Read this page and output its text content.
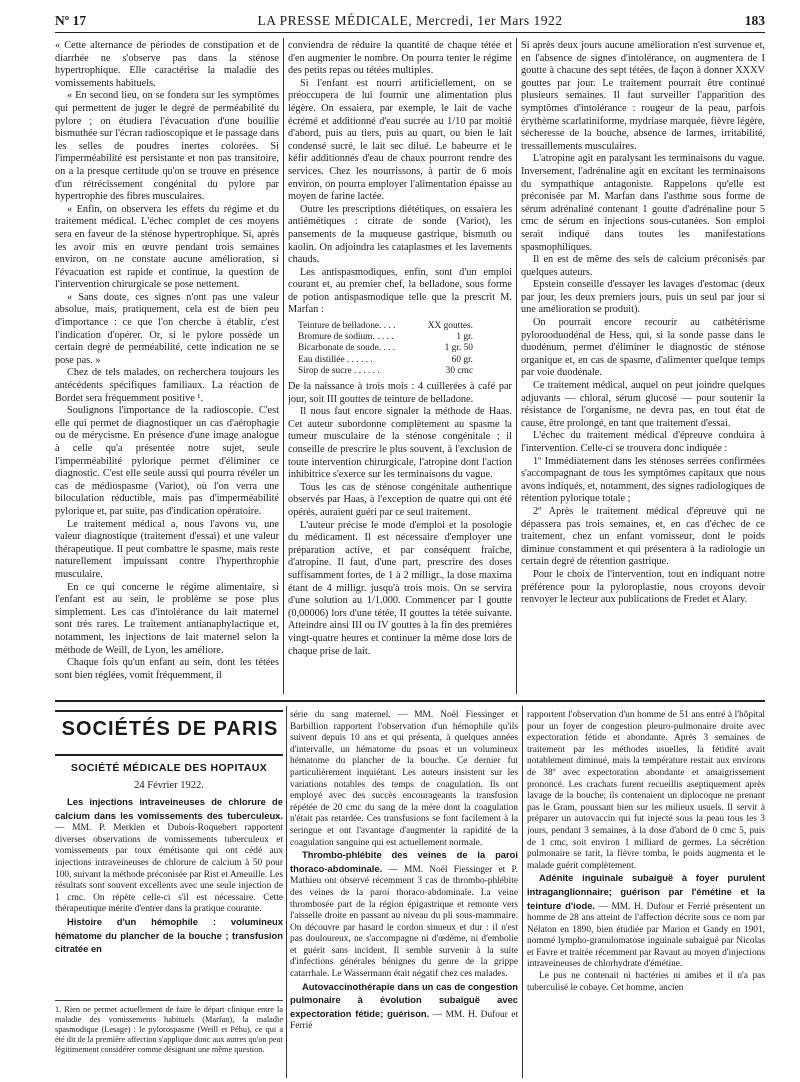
Nº 17	LA PRESSE MÉDICALE, Mercredi, 1er Mars 1922	183

« Cette alternance de périodes de constipation et de diarrhée ne s'observe pas dans la sténose hypertrophique. Elle caractérise la maladie des vomissements habituels.

« En second lieu, on se fondera sur les symptômes qui permettent de juger le degré de perméabilité du pylore ; on étudiera l'évacuation d'une bouillie bismuthée sur l'écran radioscopique et le passage dans les selles de poudres inertes colorées. Si l'imperméabilité est persistante et non pas transitoire, on a la presque certitude qu'on se trouve en présence d'un rétrécissement congénital du pylore par hypertrophie des fibres musculaires.

« Enfin, on observera les effets du régime et du traitement médical. L'échec complet de ces moyens sera en faveur de la sténose hypertrophique. Si, après les avoir mis en œuvre pendant trois semaines environ, on ne constate aucune amélioration, si l'évacuation est rapide et continue, la question de l'intervention chirurgicale se pose nettement.

« Sans doute, ces signes n'ont pas une valeur absolue, mais, pratiquement, cela est de bien peu d'importance : ce que l'on cherche à établir, c'est l'indication d'opérer. Or, si le pylore possède un certain degré de perméabilité, cette indication ne se pose pas. »

Chez de tels malades, on recherchera toujours les antécédents spécifiques familiaux. La réaction de Bordet sera fréquemment positive ¹.

Soulignons l'importance de la radioscopie. C'est elle qui permet de diagnostiquer un cas d'aérophagie ou de mérycisme. En présence d'une image analogue à celle qu'a présentée notre sujet, seule l'imperméabilité pylorique permet d'éliminer ce diagnostic. C'est elle seule aussi qui pourra révéler un cas de médiospasme (Variot), où l'on verra une biloculation réductible, mais pas d'imperméabilité pylorique et, par suite, pas d'indication opératoire.

Le traitement médical a, nous l'avons vu, une valeur diagnostique (traitement d'essai) et une valeur thérapeutique. Il peut combattre le spasme, mais reste naturellement impuissant contre l'hyperthrophie musculaire.

En ce qui concerne le régime alimentaire, si l'enfant est au sein, le problème se pose plus simplement. Les cas d'intolérance du lait maternel sont très rares. Le traitement antianaphylactique et, notamment, les injections de lait maternel selon la méthode de Weill, de Lyon, les améliore.

Chaque fois qu'un enfant au sein, dont les tétées sont bien réglées, vomit fréquemment, il

conviendra de réduire la quantité de chaque tétée et d'en augmenter le nombre. On pourra tenter le régime des petits repas ou tétées multiples.

Si l'enfant est nourri artificiellement, on se préoccupera de lui fournir une alimentation plus légère. On essaiera, par exemple, le lait de vache écrémé et additionné d'eau sucrée au 1/10 par moitié d'abord, puis au tiers, puis au quart, ou bien le lait condensé sucré, le lait sec dilué. Le babeurre et le kéfir additionnés d'eau de chaux pourront rendre des services. Chez les nourrissons, à partir de 6 mois environ, on pourra employer l'alimentation épaisse au moyen de farine lactée.

Outre les prescriptions diététiques, on essaiera les antiémétiques : citrate de sonde (Variot), les pansements de la muqueuse gastrique, bismuth ou kaolin. On adjoindra les cataplasmes et les lavements chauds.

Les antispasmodiques, enfin, sont d'un emploi courant et, au premier chef, la belladone, sous forme de potion antispasmodique telle que la prescrit M. Marfan :

Teinture de belladone. . . .	XX gouttes.
Bromure de sodium. . . . .	1 gr.
Bicarbonate de soude. . . .	1 gr. 50
Eau distillée . . . . . .	60 gr.
Sirop de sucre . . . . . .	30 cmc

De la naissance à trois mois : 4 cuillerées à café par jour, soit III gouttes de teinture de belladone.

Il nous faut encore signaler la méthode de Haas. Cet auteur subordonne complètement au spasme la tumeur musculaire de la sténose congénitale ; il conseille de prescrire le plus souvent, à l'exclusion de toute intervention chirurgicale, l'atropine dont l'action inhibitrice s'exerce sur les terminaisons du vague.

Tous les cas de sténose congénitale authentique observés par Haas, à l'exception de quatre qui ont été opérés, auraient guéri par ce seul traitement.

L'auteur précise le mode d'emploi et la posologie du médicament. Il est nécessaire d'employer une préparation active, et par conséquent fraîche, d'atropine. Il faut, d'une part, prescrire des doses suffisamment fortes, de 1 à 2 milligr., la dose maxima étant de 4 milligr. jusqu'à trois mois. On se servira d'une solution au 1/1.000. Commencer par I goutte (0,00006) lors d'une tétée, II gouttes la tétée suivante. Atteindre ainsi III ou IV gouttes à la fin des premières vingt-quatre heures et continuer la même dose lors de chaque prise de lait.

Si après deux jours aucune amélioration n'est survenue et, en l'absence de signes d'intolérance, on augmentera de I goutte à chacune des sept tétées, de façon à donner XXXV gouttes par jour. Le traitement pourrait être continué plusieurs semaines. Il faut surveiller l'apparition des symptômes d'intolérance : rougeur de la peau, parfois érythème scarlatiniforme, mydriase marquée, fièvre légère, sécheresse de la bouche, absence de larmes, irritabilité, tressaillements musculaires.

L'atropine agit en paralysant les terminaisons du vague. Inversement, l'adrénaline agit en excitant les terminaisons du sympathique antagoniste. Rappelons qu'elle est préconisée par M. Marfan dans l'asthme sous forme de sérum adrénaliné contenant 1 goutte d'adrénaline pour 5 cmc de sérum en injections sous-cutanées. Son emploi serait indiqué dans toutes les manifestations spasmophiliques.

Il en est de même des sels de calcium préconisés par quelques auteurs.

Epstein conseille d'essayer les lavages d'estomac (deux par jour, les deux premiers jours, puis un seul par jour si une amélioration se produit).

On pourrait encore recourir au cathétérisme pylorooduodénal de Hess, qui, si la sonde passe dans le duodénum, permet d'éliminer le diagnostic de sténose organique et, en cas de spasme, d'alimenter quelque temps par voie duodénale.

Ce traitement médical, auquel on peut joindre quelques adjuvants — chloral, sérum glucosé — pour soutenir la résistance de l'organisme, ne devra pas, en tout état de cause, être prolongé, en tant que traitement d'essai.

L'échec du traitement médical d'épreuve conduira à l'intervention. Celle-ci se trouvera donc indiquée :

1º Immédiatement dans les sténoses serrées confirmées s'accompagnant de tous les symptômes capitaux que nous avons indiqués, et, notamment, des signes radiologiques de rétention pylorique totale ;

2º Après le traitement médical d'épreuve qui ne dépassera pas trois semaines, et, en cas d'échec de ce traitement, chez un enfant vomisseur, dont le poids diminue constamment et qui présentera à la radiologie un certain degré de rétention gastrique.

Pour le choix de l'intervention, tout en indiquant notre préférence pour la pyloroplastie, nous croyons devoir renvoyer le lecteur aux publications de Fredet et Alary.

SOCIÉTÉS DE PARIS
SOCIÉTÉ MÉDICALE DES HOPITAUX
24 Février 1922.

Les injections intraveineuses de chlorure de calcium dans les vomissements des tuberculeux. — MM. P. Merklen et Dubois-Roquebert rapportent diverses observations de vomissements tuberculeux et vomissements par toux émétisante qui ont cédé aux injections intraveineuses de chlorure de calcium à 50 pour 100, suivant la méthode préconisée par Rist et Ameuille. Les résultats sont souvent excellents avec une seule injection de 1 cmc. On répète celle-ci s'il est nécessaire. Cette thérapeutique mérite d'entrer dans la pratique courante.

Histoire d'un hémophile : volumineux hématome du plancher de la bouche ; transfusion citratée en

1. Rien ne permet actuellement de faire le départ clinique entre la maladie des vomissements habituels (Marfan), la maladie spasmodique (Lesage) : le pylorospasme (Weill et Péhu), ce qui a été dit de la première affection s'applique donc aux autres qu'on peut légitimement considérer comme désignant une même question.

série du sang maternel. — MM. Noël Fiessinger et Barbillion rapportent l'observation d'un hémophile qu'ils suivent depuis 10 ans et qui présenta, à quelques années d'intervalle, un hématome du psoas et un volumineux hématome du plancher de la bouche. Ce dernier fut particulièrement inquiétant. Les auteurs insistent sur les variations notables des temps de coagulation. Ils ont employé avec des succès encourageants la transfusion répétée de 20 cmc du sang de la mère dont la coagulation n'était pas retardée. Ces transfusions se font facilement à la seringue et ont l'avantage d'augmenter la rapidité de la coagulation sanguine qui est actuellement normale.

Thrombo-phlébite des veines de la paroi thoraco-abdominale. — MM. Noël Fiessinger et P. Mathieu ont observé récemment 3 cas de thrombo-phlébite des veines de la paroi thoraco-abdominale. La veine thrombosée part de la région épigastrique et remonte vers l'aisselle droite en passant au niveau du pli sous-mammaire. On découvre par hasard le cordon sinueux et dur : il n'est pas douloureux, ne s'accompagne ni d'œdème, ni d'embolie et guérit sans incident. Il semble survenir à la suite d'infections générales bénignes du genre de la grippe catarrhale. Le Wassermann était négatif chez ces malades.

Autovaccinothérapie dans un cas de congestion pulmonaire à évolution subaiguë avec expectoration fétide; guérison. — MM. H. Dufour et Ferrié

rapportent l'observation d'un homme de 51 ans entré à l'hôpital pour un foyer de congestion pleuro-pulmonaire droite avec expectoration fétide et abondante. Après 3 semaines de traitement par les méthodes usuelles, la fétidité avait notablement diminué, mais la température restait aux environs de 38º avec expectoration abondante et amaigrissement prononcé. Les crachats furent recueillis aseptiquement après lavage de la bouche; ils contenaient un diplocoque ne prenant pas le Gram, poussant bien sur les milieux usuels. Il servit à préparer un autovaccin qui fut injecté sous la peau tous les 3 jours, pendant 3 semaines, à la dose d'abord de 0 cmc 5, puis de 1 cmc, soit environ 1 milliard de germes. La sécrétion pulmonaire se tarit, la fièvre tomba, le poids augmenta et le malade guérit complètement.

Adénite inguinale subaiguë à foyer purulent intraganglionnaire; guérison par l'émétine et la teinture d'iode. — MM. H. Dufour et Ferrié présentent un homme de 28 ans atteint de l'affection décrite sous ce nom par Nélaton en 1890, bien étudiée par Marion et Gandy en 1901, nommé lympho-granulomatose inguinale subaiguë par Nicolas et Favre et traitée récemment par Ravaut au moyen d'injections intraveineuses de chlorhydrate d'émétine.

Le pus ne contenait ni bactéries ni amibes et il n'a pas tuberculisé le cobaye. Cet homme, ancien
